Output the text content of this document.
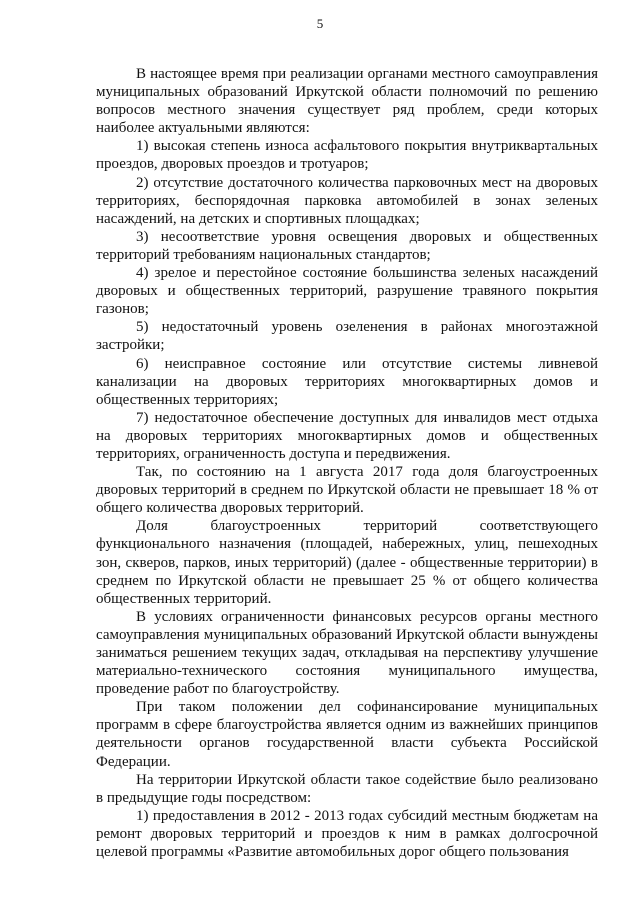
5

В настоящее время при реализации органами местного самоуправления муниципальных образований Иркутской области полномочий по решению вопросов местного значения существует ряд проблем, среди которых наиболее актуальными являются:

1) высокая степень износа асфальтового покрытия внутриквартальных проездов, дворовых проездов и тротуаров;

2) отсутствие достаточного количества парковочных мест на дворовых территориях, беспорядочная парковка автомобилей в зонах зеленых насаждений, на детских и спортивных площадках;

3) несоответствие уровня освещения дворовых и общественных территорий требованиям национальных стандартов;

4) зрелое и перестойное состояние большинства зеленых насаждений дворовых и общественных территорий, разрушение травяного покрытия газонов;

5) недостаточный уровень озеленения в районах многоэтажной застройки;

6) неисправное состояние или отсутствие системы ливневой канализации на дворовых территориях многоквартирных домов и общественных территориях;

7) недостаточное обеспечение доступных для инвалидов мест отдыха на дворовых территориях многоквартирных домов и общественных территориях, ограниченность доступа и передвижения.

Так, по состоянию на 1 августа 2017 года доля благоустроенных дворовых территорий в среднем по Иркутской области не превышает 18 % от общего количества дворовых территорий.

Доля благоустроенных территорий соответствующего функционального назначения (площадей, набережных, улиц, пешеходных зон, скверов, парков, иных территорий) (далее - общественные территории) в среднем по Иркутской области не превышает 25 % от общего количества общественных территорий.

В условиях ограниченности финансовых ресурсов органы местного самоуправления муниципальных образований Иркутской области вынуждены заниматься решением текущих задач, откладывая на перспективу улучшение материально-технического состояния муниципального имущества, проведение работ по благоустройству.

При таком положении дел софинансирование муниципальных программ в сфере благоустройства является одним из важнейших принципов деятельности органов государственной власти субъекта Российской Федерации.

На территории Иркутской области такое содействие было реализовано в предыдущие годы посредством:

1) предоставления в 2012 - 2013 годах субсидий местным бюджетам на ремонт дворовых территорий и проездов к ним в рамках долгосрочной целевой программы «Развитие автомобильных дорог общего пользования
